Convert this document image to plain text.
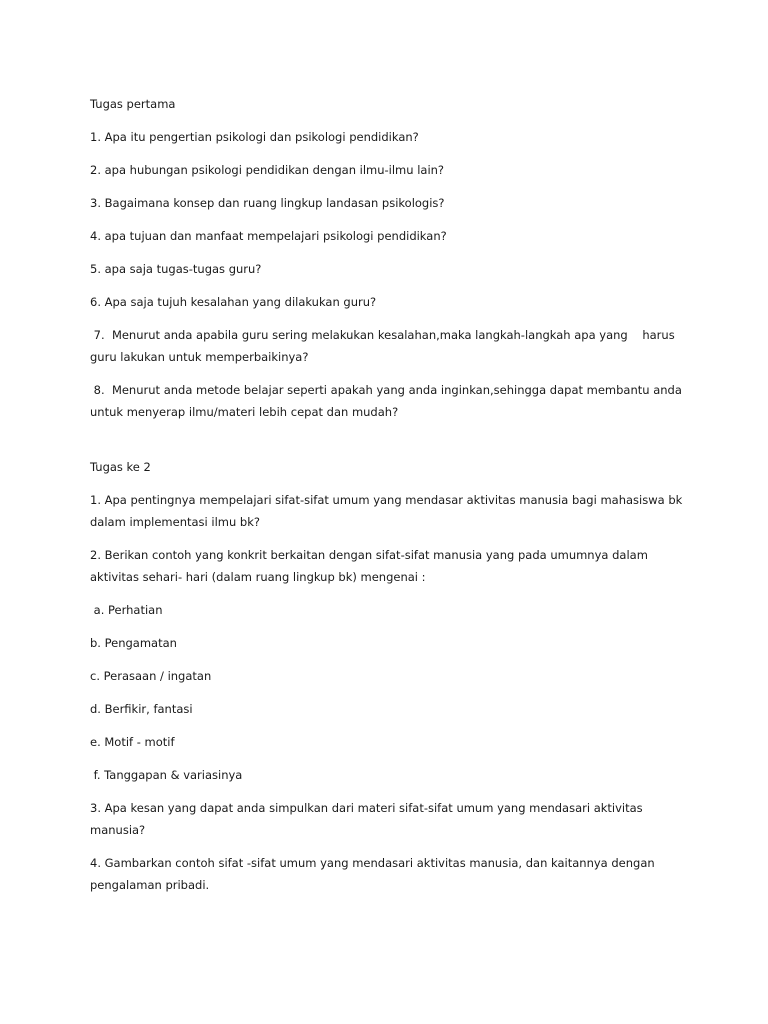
Tugas pertama

1. Apa itu pengertian psikologi dan psikologi pendidikan?

2. apa hubungan psikologi pendidikan dengan ilmu-ilmu lain?

3. Bagaimana konsep dan ruang lingkup landasan psikologis?

4. apa tujuan dan manfaat mempelajari psikologi pendidikan?

5. apa saja tugas-tugas guru?

6. Apa saja tujuh kesalahan yang dilakukan guru?

7.  Menurut anda apabila guru sering melakukan kesalahan,maka langkah-langkah apa yang    harus guru lakukan untuk memperbaikinya?

8.  Menurut anda metode belajar seperti apakah yang anda inginkan,sehingga dapat membantu anda untuk menyerap ilmu/materi lebih cepat dan mudah?

Tugas ke 2

1. Apa pentingnya mempelajari sifat-sifat umum yang mendasar aktivitas manusia bagi mahasiswa bk dalam implementasi ilmu bk?

2. Berikan contoh yang konkrit berkaitan dengan sifat-sifat manusia yang pada umumnya dalam aktivitas sehari- hari (dalam ruang lingkup bk) mengenai :

a. Perhatian

b. Pengamatan

c. Perasaan / ingatan

d. Berfikir, fantasi

e. Motif - motif

f. Tanggapan & variasinya

3. Apa kesan yang dapat anda simpulkan dari materi sifat-sifat umum yang mendasari aktivitas manusia?

4. Gambarkan contoh sifat -sifat umum yang mendasari aktivitas manusia, dan kaitannya dengan pengalaman pribadi.
